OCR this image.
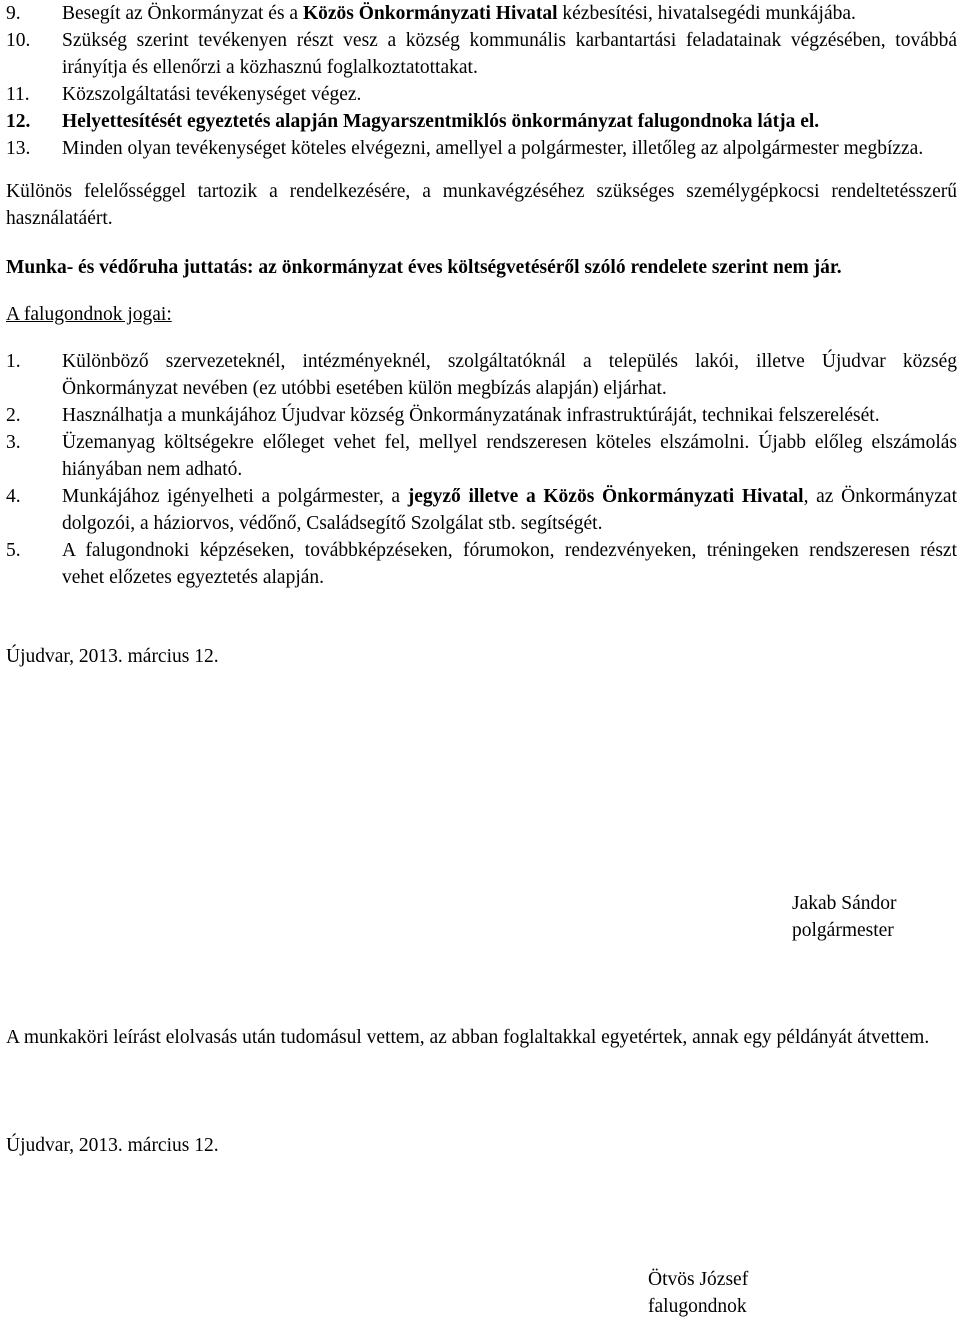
9.	Besegít az Önkormányzat és a Közös Önkormányzati Hivatal kézbesítési, hivatalsegédi munkájába.
10.	Szükség szerint tevékenyen részt vesz a község kommunális karbantartási feladatainak végzésében, továbbá irányítja és ellenőrzi a közhasznú foglalkoztatottakat.
11.	Közszolgáltatási tevékenységet végez.
12.	Helyettesítését egyeztetés alapján Magyarszentmiklós önkormányzat falugondnoka látja el.
13.	Minden olyan tevékenységet köteles elvégezni, amellyel a polgármester, illetőleg az alpolgármester megbízza.

Különös felelősséggel tartozik a rendelkezésére, a munkavégzéséhez szükséges személygépkocsi rendeltetésszerű használatáért.

Munka- és védőruha juttatás: az önkormányzat éves költségvetéséről szóló rendelete szerint nem jár.

A falugondnok jogai:

1.	Különböző szervezeteknél, intézményeknél, szolgáltatóknál a település lakói, illetve Újudvar község Önkormányzat nevében (ez utóbbi esetében külön megbízás alapján) eljárhat.
2.	Használhatja a munkájához Újudvar község Önkormányzatának infrastruktúráját, technikai felszerelését.
3.	Üzemanyag költségekre előleget vehet fel, mellyel rendszeresen köteles elszámolni. Újabb előleg elszámolás hiányában nem adható.
4.	Munkájához igényelheti a polgármester, a jegyző illetve a Közös Önkormányzati Hivatal, az Önkormányzat dolgozói, a háziorvos, védőnő, Családsegítő Szolgálat stb. segítségét.
5.	A falugondnoki képzéseken, továbbképzéseken, fórumokon, rendezvényeken, tréningeken rendszeresen részt vehet előzetes egyeztetés alapján.

Újudvar, 2013. március 12.

A munkaköri leírást elolvasás után tudomásul vettem, az abban foglaltakkal egyetértek, annak egy példányát átvettem.

Újudvar, 2013. március 12.

Jakab Sándor
polgármester
Ötvös József
falugondnok
